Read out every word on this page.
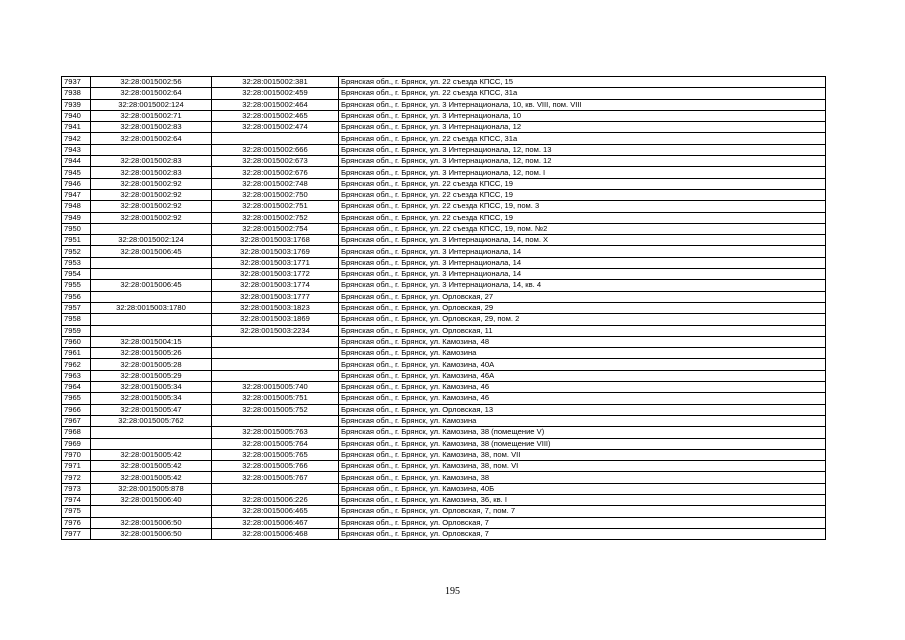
7937	32:28:0015002:56	32:28:0015002:381	Брянская обл., г. Брянск, ул. 22 съезда КПСС, 15
7938	32:28:0015002:64	32:28:0015002:459	Брянская обл., г. Брянск, ул. 22 съезда КПСС, 31а
7939	32:28:0015002:124	32:28:0015002:464	Брянская обл., г. Брянск, ул. 3 Интернационала, 10, кв. VIII, пом. VIII
7940	32:28:0015002:71	32:28:0015002:465	Брянская обл., г. Брянск, ул. 3 Интернационала, 10
7941	32:28:0015002:83	32:28:0015002:474	Брянская обл., г. Брянск, ул. 3 Интернационала, 12
7942	32:28:0015002:64		Брянская обл., г. Брянск, ул. 22 съезда КПСС, 31а
7943		32:28:0015002:666	Брянская обл., г. Брянск, ул. 3 Интернационала, 12, пом. 13
7944	32:28:0015002:83	32:28:0015002:673	Брянская обл., г. Брянск, ул. 3 Интернационала, 12, пом. 12
7945	32:28:0015002:83	32:28:0015002:676	Брянская обл., г. Брянск, ул. 3 Интернационала, 12, пом. I
7946	32:28:0015002:92	32:28:0015002:748	Брянская обл., г. Брянск, ул. 22 съезда КПСС, 19
7947	32:28:0015002:92	32:28:0015002:750	Брянская обл., г. Брянск, ул. 22 съезда КПСС, 19
7948	32:28:0015002:92	32:28:0015002:751	Брянская обл., г. Брянск, ул. 22 съезда КПСС, 19, пом. 3
7949	32:28:0015002:92	32:28:0015002:752	Брянская обл., г. Брянск, ул. 22 съезда КПСС, 19
7950		32:28:0015002:754	Брянская обл., г. Брянск, ул. 22 съезда КПСС, 19, пом. №2
7951	32:28:0015002:124	32:28:0015003:1768	Брянская обл., г. Брянск, ул. 3 Интернационала, 14, пом. X
7952	32:28:0015006:45	32:28:0015003:1769	Брянская обл., г. Брянск, ул. 3 Интернационала, 14
7953		32:28:0015003:1771	Брянская обл., г. Брянск, ул. 3 Интернационала, 14
7954		32:28:0015003:1772	Брянская обл., г. Брянск, ул. 3 Интернационала, 14
7955	32:28:0015006:45	32:28:0015003:1774	Брянская обл., г. Брянск, ул. 3 Интернационала, 14, кв. 4
7956		32:28:0015003:1777	Брянская обл., г. Брянск, ул. Орловская, 27
7957	32:28:0015003:1780	32:28:0015003:1823	Брянская обл., г. Брянск, ул. Орловская, 29
7958		32:28:0015003:1869	Брянская обл., г. Брянск, ул. Орловская, 29, пом. 2
7959		32:28:0015003:2234	Брянская обл., г. Брянск, ул. Орловская, 11
7960	32:28:0015004:15		Брянская обл., г. Брянск, ул. Камозина, 48
7961	32:28:0015005:26		Брянская обл., г. Брянск, ул. Камозина
7962	32:28:0015005:28		Брянская обл., г. Брянск, ул. Камозина, 40А
7963	32:28:0015005:29		Брянская обл., г. Брянск, ул. Камозина, 46А
7964	32:28:0015005:34	32:28:0015005:740	Брянская обл., г. Брянск, ул. Камозина, 46
7965	32:28:0015005:34	32:28:0015005:751	Брянская обл., г. Брянск, ул. Камозина, 46
7966	32:28:0015005:47	32:28:0015005:752	Брянская обл., г. Брянск, ул. Орловская, 13
7967	32:28:0015005:762		Брянская обл., г. Брянск, ул. Камозина
7968		32:28:0015005:763	Брянская обл., г. Брянск, ул. Камозина, 38 (помещение V)
7969		32:28:0015005:764	Брянская обл., г. Брянск, ул. Камозина, 38 (помещение VIII)
7970	32:28:0015005:42	32:28:0015005:765	Брянская обл., г. Брянск, ул. Камозина, 38, пом. VII
7971	32:28:0015005:42	32:28:0015005:766	Брянская обл., г. Брянск, ул. Камозина, 38, пом. VI
7972	32:28:0015005:42	32:28:0015005:767	Брянская обл., г. Брянск, ул. Камозина, 38
7973	32:28:0015005:878		Брянская обл., г. Брянск, ул. Камозина, 40Б
7974	32:28:0015006:40	32:28:0015006:226	Брянская обл., г. Брянск, ул. Камозина, 36, кв. I
7975		32:28:0015006:465	Брянская обл., г. Брянск, ул. Орловская, 7, пом. 7
7976	32:28:0015006:50	32:28:0015006:467	Брянская обл., г. Брянск, ул. Орловская, 7
7977	32:28:0015006:50	32:28:0015006:468	Брянская обл., г. Брянск, ул. Орловская, 7
195
